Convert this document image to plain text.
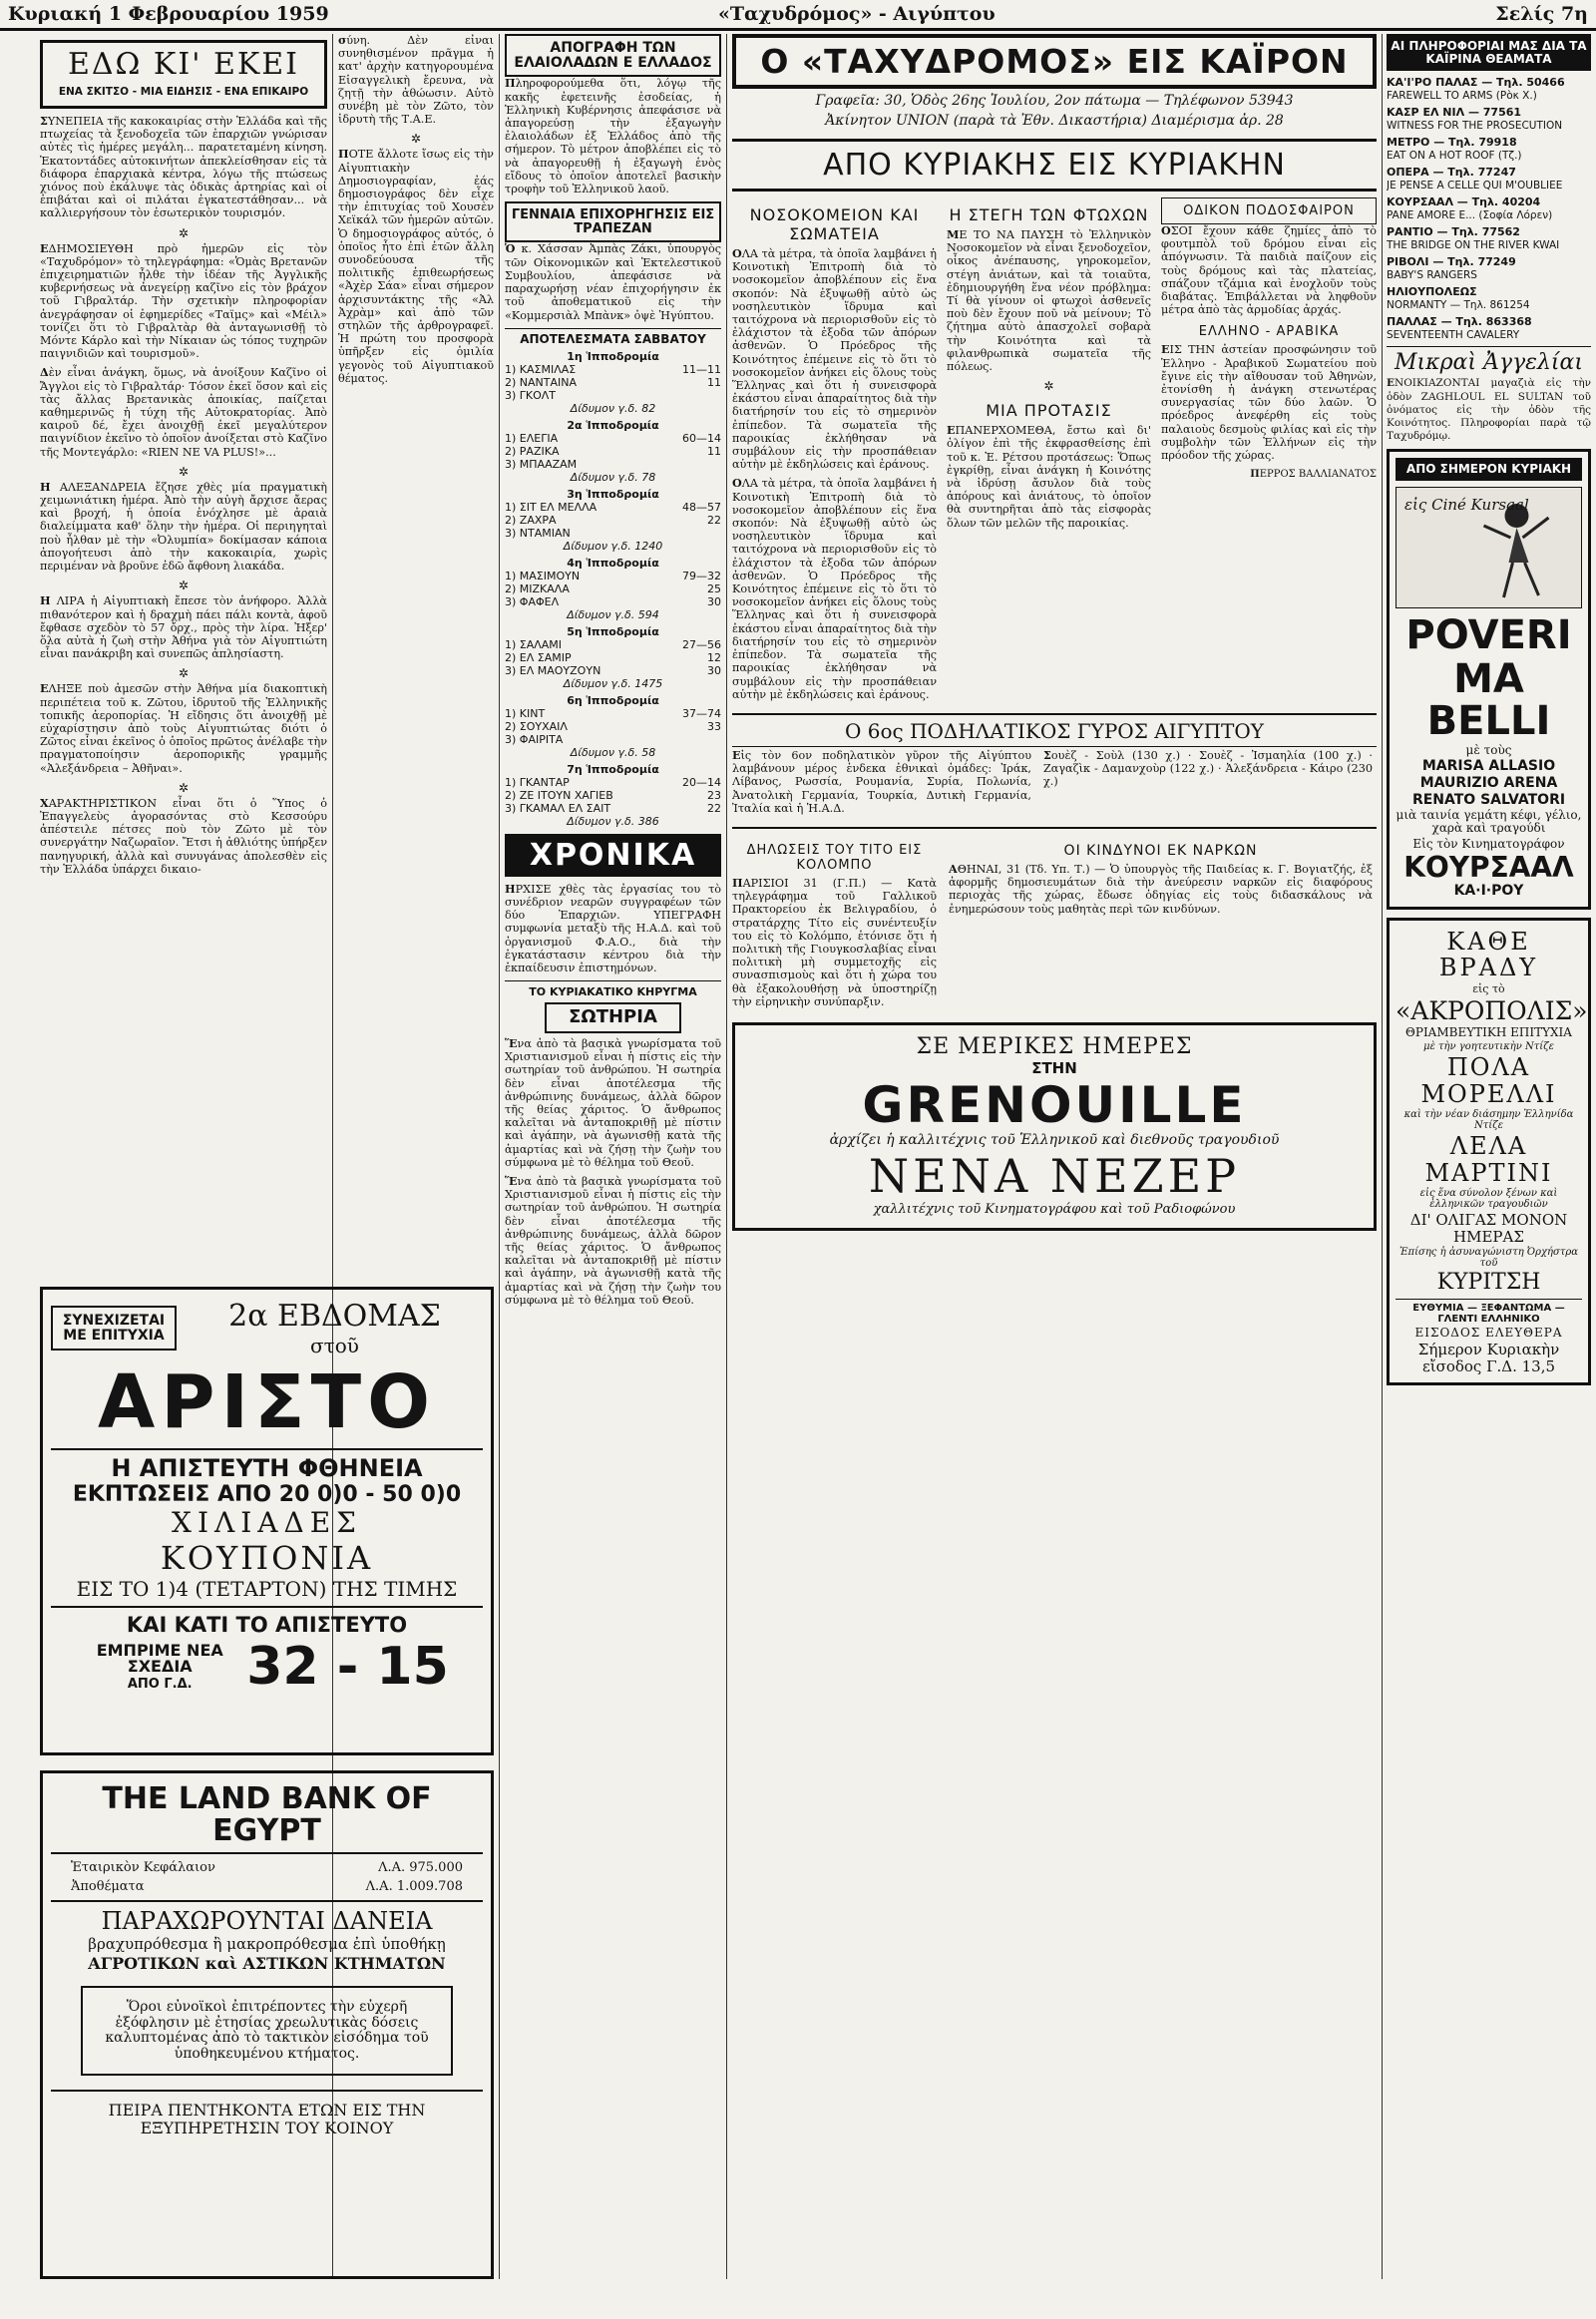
Κυριακή 1 Φεβρουαρίου 1959	«Ταχυδρόμος» - Αιγύπτου	Σελίς 7η

ΕΔΩ ΚΙ' ΕΚΕΙ

ΕΝΑ ΣΚΙΤΣΟ - ΜΙΑ ΕΙΔΗΣΙΣ - ΕΝΑ ΕΠΙΚΑΙΡΟ

ΣΥΝΕΠΕΙΑ τῆς κακοκαιρίας στὴν Ἑλλάδα καὶ τῆς πτωχείας τὰ ξενοδοχεῖα τῶν ἐπαρχιῶν γνώρισαν αὐτὲς τὶς ἡμέρες μεγάλη... παρατεταμένη κίνηση. Ἐκατοντάδες αὐτοκινήτων ἀπεκλείσθησαν εἰς τὰ διάφορα ἐπαρχιακὰ κέντρα, λόγω τῆς πτώσεως χιόνος ποὺ ἐκάλυψε τὰς ὁδικὰς ἀρτηρίας καὶ οἱ ἐπιβάται καὶ οἱ πιλάται ἐγκατεστάθησαν... νὰ καλλιεργήσουν τὸν ἐσωτερικὸν τουρισμόν.

✲

ΕΔΗΜΟΣΙΕΥΘΗ πρὸ ἡμερῶν εἰς τὸν «Ταχυδρόμον» τὸ τηλεγράφημα: «Ὁμὰς Βρετανῶν ἐπιχειρηματιῶν ἦλθε τὴν ἰδέαν τῆς Ἀγγλικῆς κυβερνήσεως νὰ ἀνεγείρῃ καζῖνο εἰς τὸν βράχον τοῦ Γιβραλτάρ. Τὴν σχετικὴν πληροφορίαν ἀνεγράφησαν οἱ ἐφημερίδες «Ταϊμς» καὶ «Μέιλ» τονίζει ὅτι τὸ Γιβραλτὰρ θὰ ἀνταγωνισθῇ τὸ Μόντε Κάρλο καὶ τὴν Νίκαιαν ὡς τόπος τυχηρῶν παιγνιδιῶν καὶ τουρισμοῦ».

Δὲν εἶναι ἀνάγκη, ὅμως, νὰ ἀνοίξουν Καζῖνο οἱ Ἄγγλοι εἰς τὸ Γιβραλτάρ· Τόσον ἐκεῖ ὅσον καὶ εἰς τὰς ἄλλας Βρετανικὰς ἀποικίας, παίζεται καθημερινῶς ἡ τύχη τῆς Αὐτοκρατορίας. Ἀπὸ καιροῦ δέ, ἔχει ἀνοιχθῇ ἐκεῖ μεγαλύτερον παιγνίδιον ἐκεῖνο τὸ ὁποῖον ἀνοίξεται στὸ Καζῖνο τῆς Μοντεγάρλο: «RIEN NE VA PLUS!»...

✲

Η ΑΛΕΞΑΝΔΡΕΙΑ ἔζησε χθὲς μία πραγματικὴ χειμωνιάτικη ἡμέρα. Ἀπὸ τὴν αὐγὴ ἄρχισε ἄερας καὶ βροχή, ἡ ὁποία ἐνόχλησε μὲ ἀραιὰ διαλείμματα καθ' ὅλην τὴν ἡμέρα. Οἱ περιηγηταὶ ποὺ ἦλθαν μὲ τὴν «Ὀλυμπία» δοκίμασαν κάποια ἀπογοήτευσι ἀπὸ τὴν κακοκαιρία, χωρὶς περιμέναν νὰ βροῦνε ἐδῶ ἄφθονη λιακάδα.

✲

Η ΛΙΡΑ ἡ Αἰγυπτιακὴ ἔπεσε τὸν ἀνήφορο. Ἀλλὰ πιθανότερον καὶ ἡ δραχμὴ πάει πάλι κοντὰ, ἀφοῦ ἔφθασε σχεδὸν τὸ 57 ὄρχ., πρὸς τὴν λίρα. Ἠξερ' ὅλα αὐτὰ ἡ ζωὴ στὴν Ἀθήνα γιὰ τὸν Αἰγυπτιώτη εἶναι πανάκριβη καὶ συνεπῶς ἀπλησίαστη.

✲

ΕΛΗΞΕ ποὺ ἀμεσῶν στὴν Ἀθήνα μία διακοπτικὴ περιπέτεια τοῦ κ. Ζῶτου, ἰδρυτοῦ τῆς Ἑλληνικῆς τοπικῆς ἀεροπορίας. Ἡ εἴδησις ὅτι ἀνοιχθῇ μὲ εὐχαρίστησιν ἀπὸ τοὺς Αἰγυπτιώτας διότι ὁ Ζῶτος εἶναι ἐκεῖνος ὁ ὁποῖος πρῶτος ἀνέλαβε τὴν πραγματοποίησιν ἀεροπορικῆς γραμμῆς «Ἀλεξάνδρεια – Ἀθῆναι».

✲

ΧΑΡΑΚΤΗΡΙΣΤΙΚΟΝ εἶναι ὅτι ὁ Ὕπος ὁ Ἐπαγγελεὺς ἀγορασόντας στὸ Κεσσούρυ ἀπέστειλε πέτσες ποὺ τὸν Ζῶτο μὲ τὸν συνεργάτην Ναζωραῖον. Ἔτσι ἡ ἀθλιότης ὑπήρξεν πανηγυρική, ἀλλὰ καὶ συνυγάνας ἀπολεσθὲν εἰς τὴν Ἑλλάδα ὑπάρχει δικαιο-

σύνη. Δὲν εἶναι συνηθισμένον πρᾶγμα ἡ κατ' ἀρχὴν κατηγορουμένα Εἰσαγγελικὴ ἔρευνα, νὰ ζητῇ τὴν ἀθώωσιν. Αὐτὸ συνέβη μὲ τὸν Ζῶτο, τὸν ἰδρυτὴ τῆς Τ.Α.Ε.

✲

ΠΟΤΕ ἄλλοτε ἴσως εἰς τὴν Αἰγυπτιακὴν Δημοσιογραφίαν, ἐάς δημοσιογράφος δὲν εἶχε τὴν ἐπιτυχίας τοῦ Χουσὲν Χεϊκάλ τῶν ἡμερῶν αὐτῶν. Ὁ δημοσιογράφος αὐτός, ὁ ὁποῖος ἦτο ἐπὶ ἐτῶν ἄλλη συνοδεύουσα τῆς πολιτικῆς ἐπιθεωρήσεως «Ἀχὲρ Σάα» εἶναι σήμερον ἀρχισυντάκτης τῆς «Ἀλ Ἀχρὰμ» καὶ ἀπὸ τῶν στηλῶν τῆς ἀρθρογραφεῖ. Ἡ πρώτη του προσφορὰ ὑπῆρξεν εἰς ὁμιλία γεγονὸς τοῦ Αἰγυπτιακοῦ θέματος.

ΣΥΝΕΧΙΖΕΤΑΙ ΜΕ ΕΠΙΤΥΧΙΑ

2α ΕΒΔΟΜΑΣ

στοῦ

ΑΡΙΣΤΟ

Η ΑΠΙΣΤΕΥΤΗ ΦΘΗΝΕΙΑ

ΕΚΠΤΩΣΕΙΣ ΑΠΟ 20 0)0 - 50 0)0

ΧΙΛΙΑΔΕΣ

ΚΟΥΠΟΝΙΑ

ΕΙΣ ΤΟ 1)4 (ΤΕΤΑΡΤΟΝ) ΤΗΣ ΤΙΜΗΣ

ΚΑΙ ΚΑΤΙ ΤΟ ΑΠΙΣΤΕΥΤΟ

ΕΜΠΡΙΜΕ ΝΕΑ ΣΧΕΔΙΑ

ΑΠΟ Γ.Δ.	32 - 15

THE LAND BANK OF EGYPT

Ἑταιρικὸν Κεφάλαιον	Λ.Α. 975.000
Ἀποθέματα	Λ.Α. 1.009.708

ΠΑΡΑΧΩΡΟΥΝΤΑΙ ΔΑΝΕΙΑ

βραχυπρόθεσμα ἢ μακροπρόθεσμα ἐπὶ ὑποθήκῃ

ΑΓΡΟΤΙΚΩΝ καὶ ΑΣΤΙΚΩΝ ΚΤΗΜΑΤΩΝ

Ὅροι εὐνοϊκοὶ ἐπιτρέποντες τὴν εὐχερῆ ἐξόφλησιν μὲ ἐτησίας χρεωλυτικὰς δόσεις καλυπτομένας ἀπὸ τὸ τακτικὸν εἰσόδημα τοῦ ὑποθηκευμένου κτήματος.

ΠΕΙΡΑ ΠΕΝΤΗΚΟΝΤΑ ΕΤΩΝ ΕΙΣ ΤΗΝ ΕΞΥΠΗΡΕΤΗΣΙΝ ΤΟΥ ΚΟΙΝΟΥ

ΑΠΟΓΡΑΦΗ ΤΩΝ ΕΛΑΙΟΛΑΔΩΝ Ε ΕΛΛΑΔΟΣ

Πληροφορούμεθα ὅτι, λόγῳ τῆς κακῆς ἐφετεινῆς ἐσοδείας, ἡ Ἑλληνικὴ Κυβέρνησις ἀπεφάσισε νὰ ἀπαγορεύσῃ τὴν ἐξαγωγὴν ἐλαιολάδων ἐξ Ἑλλάδος ἀπὸ τῆς σήμερον. Τὸ μέτρον ἀποβλέπει εἰς τὸ νὰ ἀπαγορευθῇ ἡ ἐξαγωγὴ ἑνὸς εἴδους τὸ ὁποῖον ἀποτελεῖ βασικὴν τροφὴν τοῦ Ἑλληνικοῦ λαοῦ.

ΓΕΝΝΑΙΑ ΕΠΙΧΟΡΗΓΗΣΙΣ ΕΙΣ ΤΡΑΠΕΖΑΝ

Ὁ κ. Χάσσαν Ἀμπὰς Ζάκι, ὑπουργὸς τῶν Οἰκονομικῶν καὶ Ἐκτελεστικοῦ Συμβουλίου, ἀπεφάσισε νὰ παραχωρήσῃ νέαν ἐπιχορήγησιν ἐκ τοῦ ἀποθεματικοῦ εἰς τὴν «Κομμερσιὰλ Μπὰνκ» ὀψὲ Ἠγύπτου.

ΑΠΟΤΕΛΕΣΜΑΤΑ ΣΑΒΒΑΤΟΥ
1η Ἱπποδρομία
1) ΚΑΣΜΙΛΑΣ	11—11
2) ΝΑΝΤΑΙΝΑ	11
3) ΓΚΟΛΤ
Δίδυμον γ.δ. 82
2α Ἱπποδρομία
1) ΕΛΕΓΙΑ	60—14
2) ΡΑΖΙΚΑ	11
3) ΜΠΑΑΖΑΜ
Δίδυμον γ.δ. 78
3η Ἱπποδρομία
1) ΣΙΤ ΕΛ ΜΕΛΛΑ	48—57
2) ΖΑΧΡΑ	22
3) ΝΤΑΜΙΑΝ
Δίδυμον γ.δ. 1240
4η Ἱπποδρομία
1) ΜΑΣΙΜΟΥΝ	79—32
2) ΜΙΖΚΑΛΑ	25
3) ΦΑΦΕΛ	30
Δίδυμον γ.δ. 594
5η Ἱπποδρομία
1) ΣΑΛΑΜΙ	27—56
2) ΕΛ ΣΑΜΙΡ	12
3) ΕΛ ΜΑΟΥΖΟΥΝ	30
Δίδυμον γ.δ. 1475
6η Ἱπποδρομία
1) ΚΙΝΤ	37—74
2) ΣΟΥΧΑΙΛ	33
3) ΦΑΙΡΙΤΑ
Δίδυμον γ.δ. 58
7η Ἱπποδρομία
1) ΓΚΑΝΤΑΡ	20—14
2) ΖΕ ΙΤΟΥΝ ΧΑΓΙΕΒ	23
3) ΓΚΑΜΑΛ ΕΛ ΣΑΙΤ	22
Δίδυμον γ.δ. 386
ΧΡΟΝΙΚΑ

ΗΡΧΙΣΕ χθὲς τὰς ἐργασίας του τὸ συνέδριον νεαρῶν συγγραφέων τῶν δύο Ἐπαρχιῶν. ΥΠΕΓΡΑΦΗ συμφωνία μεταξὺ τῆς Η.Α.Δ. καὶ τοῦ ὀργανισμοῦ Φ.Α.Ο., διὰ τὴν ἐγκατάστασιν κέντρου διὰ τὴν ἐκπαίδευσιν ἐπιστημόνων.

ΤΟ ΚΥΡΙΑΚΑΤΙΚΟ ΚΗΡΥΓΜΑ

ΣΩΤΗΡΙΑ

Ἕνα ἀπὸ τὰ βασικὰ γνωρίσματα τοῦ Χριστιανισμοῦ εἶναι ἡ πίστις εἰς τὴν σωτηρίαν τοῦ ἀνθρώπου. Ἡ σωτηρία δὲν εἶναι ἀποτέλεσμα τῆς ἀνθρώπινης δυνάμεως, ἀλλὰ δῶρον τῆς θείας χάριτος. Ὁ ἄνθρωπος καλεῖται νὰ ἀνταποκριθῇ μὲ πίστιν καὶ ἀγάπην, νὰ ἀγωνισθῇ κατὰ τῆς ἁμαρτίας καὶ νὰ ζήσῃ τὴν ζωὴν του σύμφωνα μὲ τὸ θέλημα τοῦ Θεοῦ.

Ἕνα ἀπὸ τὰ βασικὰ γνωρίσματα τοῦ Χριστιανισμοῦ εἶναι ἡ πίστις εἰς τὴν σωτηρίαν τοῦ ἀνθρώπου. Ἡ σωτηρία δὲν εἶναι ἀποτέλεσμα τῆς ἀνθρώπινης δυνάμεως, ἀλλὰ δῶρον τῆς θείας χάριτος. Ὁ ἄνθρωπος καλεῖται νὰ ἀνταποκριθῇ μὲ πίστιν καὶ ἀγάπην, νὰ ἀγωνισθῇ κατὰ τῆς ἁμαρτίας καὶ νὰ ζήσῃ τὴν ζωὴν του σύμφωνα μὲ τὸ θέλημα τοῦ Θεοῦ.

Ο «ΤΑΧΥΔΡΟΜΟΣ» ΕΙΣ ΚΑΪΡΟΝ

Γραφεῖα: 30, Ὁδὸς 26ης Ἰουλίου, 2ον πάτωμα — Τηλέφωνον 53943

Ἀκίνητον UNION (παρὰ τὰ Ἐθν. Δικαστήρια) Διαμέρισμα ἀρ. 28

ΑΠΟ ΚΥΡΙΑΚΗΣ ΕΙΣ ΚΥΡΙΑΚΗΝ

ΝΟΣΟΚΟΜΕΙΟΝ ΚΑΙ ΣΩΜΑΤΕΙΑ

ΟΛΑ τὰ μέτρα, τὰ ὁποῖα λαμβάνει ἡ Κοινοτικὴ Ἐπιτροπὴ διὰ τὸ νοσοκομεῖον ἀποβλέπουν εἰς ἕνα σκοπόν: Νὰ ἐξυψωθῇ αὐτὸ ὡς νοσηλευτικὸν ἵδρυμα καὶ ταιτόχρονα νὰ περιορισθοῦν εἰς τὸ ἐλάχιστον τὰ ἐξοδα τῶν ἀπόρων ἀσθενῶν. Ὁ Πρόεδρος τῆς Κοινότητος ἐπέμεινε εἰς τὸ ὅτι τὸ νοσοκομεῖον ἀνήκει εἰς ὅλους τοὺς Ἕλληνας καὶ ὅτι ἡ συνεισφορὰ ἑκάστου εἶναι ἀπαραίτητος διὰ τὴν διατήρησίν του εἰς τὸ σημερινὸν ἐπίπεδον. Τὰ σωματεῖα τῆς παροικίας ἐκλήθησαν νὰ συμβάλουν εἰς τὴν προσπάθειαν αὐτὴν μὲ ἐκδηλώσεις καὶ ἐράνους.

ΟΛΑ τὰ μέτρα, τὰ ὁποῖα λαμβάνει ἡ Κοινοτικὴ Ἐπιτροπὴ διὰ τὸ νοσοκομεῖον ἀποβλέπουν εἰς ἕνα σκοπόν: Νὰ ἐξυψωθῇ αὐτὸ ὡς νοσηλευτικὸν ἵδρυμα καὶ ταιτόχρονα νὰ περιορισθοῦν εἰς τὸ ἐλάχιστον τὰ ἐξοδα τῶν ἀπόρων ἀσθενῶν. Ὁ Πρόεδρος τῆς Κοινότητος ἐπέμεινε εἰς τὸ ὅτι τὸ νοσοκομεῖον ἀνήκει εἰς ὅλους τοὺς Ἕλληνας καὶ ὅτι ἡ συνεισφορὰ ἑκάστου εἶναι ἀπαραίτητος διὰ τὴν διατήρησίν του εἰς τὸ σημερινὸν ἐπίπεδον. Τὰ σωματεῖα τῆς παροικίας ἐκλήθησαν νὰ συμβάλουν εἰς τὴν προσπάθειαν αὐτὴν μὲ ἐκδηλώσεις καὶ ἐράνους.

Η ΣΤΕΓΗ ΤΩΝ ΦΤΩΧΩΝ

ΜΕ ΤΟ ΝΑ ΠΑΥΣΗ τὸ Ἑλληνικὸν Νοσοκομεῖον νὰ εἶναι ξενοδοχεῖον, οἶκος ἀνέπαυσης, γηροκομεῖον, στέγη ἀνιάτων, καὶ τὰ τοιαῦτα, ἐδημιουργήθη ἕνα νέον πρόβλημα: Τί θὰ γίνουν οἱ φτωχοὶ ἀσθενεῖς ποὺ δὲν ἔχουν ποῦ νὰ μείνουν; Τὸ ζήτημα αὐτὸ ἀπασχολεῖ σοβαρὰ τὴν Κοινότητα καὶ τὰ φιλανθρωπικὰ σωματεῖα τῆς πόλεως.

✲

ΜΙΑ ΠΡΟΤΑΣΙΣ

ΕΠΑΝΕΡΧΟΜΕΘΑ, ἔστω καὶ δι' ὀλίγον ἐπὶ τῆς ἐκφρασθείσης ἐπὶ τοῦ κ. Ἐ. Ρέτσου προτάσεως: Ὅπως ἐγκρίθῃ, εἶναι ἀνάγκη ἡ Κοινότης νὰ ἱδρύσῃ ἄσυλον διὰ τοὺς ἀπόρους καὶ ἀνιάτους, τὸ ὁποῖον θὰ συντηρῆται ἀπὸ τὰς εἰσφορὰς ὅλων τῶν μελῶν τῆς παροικίας.

ΟΔΙΚΟΝ ΠΟΔΟΣΦΑΙΡΟΝ

ΟΣΟΙ ἔχουν κάθε ζημίες ἀπὸ τὸ φουτμπὸλ τοῦ δρόμου εἶναι εἰς ἀπόγνωσιν. Τὰ παιδιὰ παίζουν εἰς τοὺς δρόμους καὶ τὰς πλατείας, σπάζουν τζάμια καὶ ἐνοχλοῦν τοὺς διαβάτας. Ἐπιβάλλεται νὰ ληφθοῦν μέτρα ἀπὸ τὰς ἀρμοδίας ἀρχάς.

ΕΛΛΗΝΟ - ΑΡΑΒΙΚΑ

ΕΙΣ ΤΗΝ ἀστείαν προσφώνησιν τοῦ Ἑλληνο - Ἀραβικοῦ Σωματείου ποὺ ἔγινε εἰς τὴν αἴθουσαν τοῦ Ἀθηνὼν, ἐτονίσθη ἡ ἀνάγκη στενωτέρας συνεργασίας τῶν δύο λαῶν. Ὁ πρόεδρος ἀνεφέρθη εἰς τοὺς παλαιοὺς δεσμοὺς φιλίας καὶ εἰς τὴν συμβολὴν τῶν Ἑλλήνων εἰς τὴν πρόοδον τῆς χώρας.

ΠΕΡΡΟΣ ΒΑΛΛΙΑΝΑΤΟΣ

Ο 6ος ΠΟΔΗΛΑΤΙΚΟΣ ΓΥΡΟΣ ΑΙΓΥΠΤΟΥ

Εἰς τὸν 6ον ποδηλατικὸν γῦρον τῆς Αἰγύπτου λαμβάνουν μέρος ἑνδεκα ἐθνικαὶ ὁμάδες: Ἰράκ, Λίβανος, Ρωσσία, Ρουμανία, Συρία, Πολωνία, Ἀνατολικὴ Γερμανία, Τουρκία, Δυτικὴ Γερμανία, Ἰταλία καὶ ἡ Ἡ.Α.Δ.

Σουὲζ - Σοὺλ (130 χ.) · Σουὲζ - Ἰσμαηλία (100 χ.) · Ζαγαζὶκ - Δαμανχοὺρ (122 χ.) · Ἀλεξάνδρεια - Κάιρο (230 χ.)

ΔΗΛΩΣΕΙΣ ΤΟΥ ΤΙΤΟ ΕΙΣ ΚΟΛΟΜΠΟ

ΠΑΡΙΣΙΟΙ 31 (Γ.Π.) — Κατὰ τηλεγράφημα τοῦ Γαλλικοῦ Πρακτορείου ἐκ Βελιγραδίου, ὁ στρατάρχης Τίτο εἰς συνέντευξίν του εἰς τὸ Κολόμπο, ἐτόνισε ὅτι ἡ πολιτικὴ τῆς Γιουγκοσλαβίας εἶναι πολιτικὴ μὴ συμμετοχῆς εἰς συνασπισμοὺς καὶ ὅτι ἡ χώρα του θὰ ἐξακολουθήσῃ νὰ ὑποστηρίζῃ τὴν εἰρηνικὴν συνύπαρξιν.

ΟΙ ΚΙΝΔΥΝΟΙ ΕΚ ΝΑΡΚΩΝ

ΑΘΗΝΑΙ, 31 (Τδ. Υπ. Τ.) — Ὁ ὑπουργὸς τῆς Παιδείας κ. Γ. Βογιατζής, ἐξ ἀφορμῆς δημοσιευμάτων διὰ τὴν ἀνεύρεσιν ναρκῶν εἰς διαφόρους περιοχὰς τῆς χώρας, ἔδωσε ὁδηγίας εἰς τοὺς διδασκάλους νὰ ἐνημερώσουν τοὺς μαθητὰς περὶ τῶν κινδύνων.

ΣΕ ΜΕΡΙΚΕΣ ΗΜΕΡΕΣ

ΣΤΗΝ

GRENOUILLE

ἀρχίζει ἡ καλλιτέχνις τοῦ Ἑλληνικοῦ καὶ διεθνοῦς τραγουδιοῦ

ΝΕΝΑ ΝΕΖΕΡ

χαλλιτέχνις τοῦ Κινηματογράφου καὶ τοῦ Ραδιοφώνου

ΑΙ ΠΛΗΡΟΦΟΡΙΑΙ ΜΑΣ ΔΙΑ ΤΑ ΚΑΪΡΙΝΑ ΘΕΑΜΑΤΑ

ΚΑ'Ι'ΡΟ ΠΑΛΑΣ — Τηλ. 50466
FAREWELL TO ARMS (Ρὸκ Χ.)

ΚΑΣΡ ΕΛ ΝΙΛ — 77561
WITNESS FOR THE PROSECUTION

ΜΕΤΡΟ — Τηλ. 79918
EAT ON A HOT ROOF (Τζ.)

ΟΠΕΡΑ — Τηλ. 77247
JE PENSE A CELLE QUI M'OUBLIEE

ΚΟΥΡΣΑΑΛ — Τηλ. 40204
PANE AMORE E... (Σοφία Λόρεν)

ΡΑΝΤΙΟ — Τηλ. 77562
THE BRIDGE ON THE RIVER KWAI

ΡΙΒΟΛΙ — Τηλ. 77249
BABY'S RANGERS

ΗΛΙΟΥΠΟΛΕΩΣ
NORMANTY — Τηλ. 861254

ΠΑΛΛΑΣ — Τηλ. 863368
SEVENTEENTH CAVALERY

Μικραὶ Ἀγγελίαι

ΕΝΟΙΚΙΑΖΟΝΤΑΙ μαγαζιὰ εἰς τὴν ὁδὸν ZAGHLOUL EL SULTAN τοῦ ὀνόματος εἰς τὴν ὁδὸν τῆς Κοινότητος. Πληροφορίαι παρὰ τῷ Ταχυδρόμῳ.

ΑΠΟ ΣΗΜΕΡΟΝ ΚΥΡΙΑΚΗ

εἰς Ciné Kursaal

POVERI

MA BELLI

μὲ τοὺς

MARISA ALLASIO

MAURIZIO ARENA

RENATO SALVATORI

μιὰ ταινία γεμάτη κέφι, γέλιο, χαρὰ καὶ τραγούδι

Εἰς τὸν Κινηματογράφον

ΚΟΥΡΣΑΑΛ

ΚΑ·Ι·ΡΟΥ

ΚΑΘΕ ΒΡΑΔΥ

εἰς τὸ

«ΑΚΡΟΠΟΛΙΣ»

ΘΡΙΑΜΒΕΥΤΙΚΗ ΕΠΙΤΥΧΙΑ

μὲ τὴν γοητευτικὴν Ντίζε

ΠΟΛΑ ΜΟΡΕΛΛΙ

καὶ τὴν νέαν διάσημην Ἑλληνίδα Ντίζε

ΛΕΛΑ ΜΑΡΤΙΝΙ

εἰς ἕνα σύνολον ξένων καὶ ἑλληνικῶν τραγουδιῶν

ΔΙ' ΟΛΙΓΑΣ ΜΟΝΟΝ ΗΜΕΡΑΣ

Ἐπίσης ἡ ἀσυναγώνιστη Ὀρχήστρα τοῦ

ΚΥΡΙΤΣΗ

ΕΥΘΥΜΙΑ — ΞΕΦΑΝΤΩΜΑ — ΓΛΕΝΤΙ ΕΛΛΗΝΙΚΟ

ΕΙΣΟΔΟΣ ΕΛΕΥΘΕΡΑ

Σήμερον Κυριακὴν εἴσοδος Γ.Δ. 13,5
